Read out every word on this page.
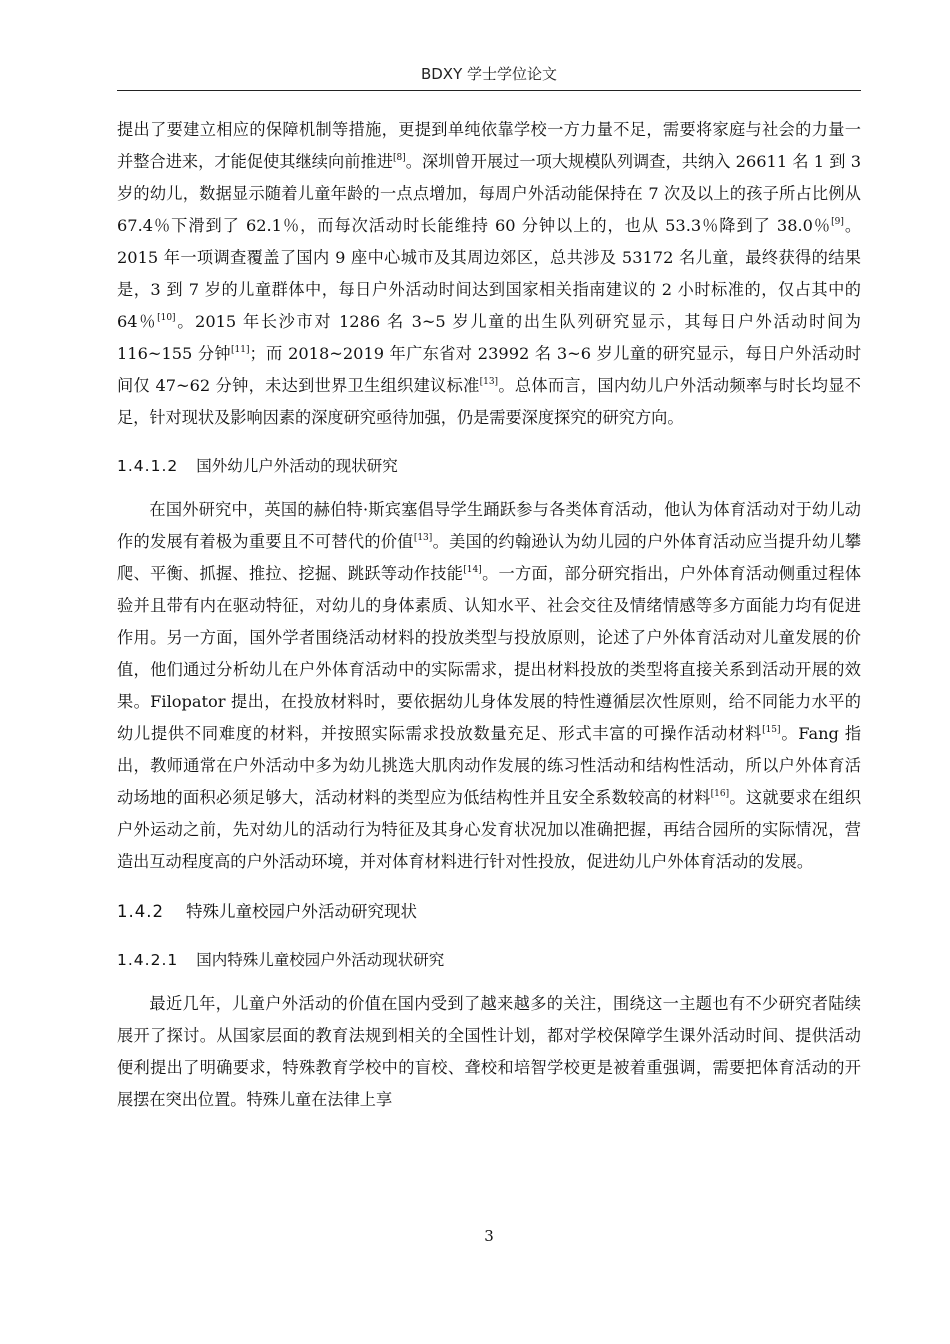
BDXY 学士学位论文

提出了要建立相应的保障机制等措施，更提到单纯依靠学校一方力量不足，需要将家庭与社会的力量一并整合进来，才能促使其继续向前推进[8]。深圳曾开展过一项大规模队列调查，共纳入 26611 名 1 到 3 岁的幼儿，数据显示随着儿童年龄的一点点增加，每周户外活动能保持在 7 次及以上的孩子所占比例从 67.4％下滑到了 62.1％，而每次活动时长能维持 60 分钟以上的，也从 53.3％降到了 38.0％[9]。2015 年一项调查覆盖了国内 9 座中心城市及其周边郊区，总共涉及 53172 名儿童，最终获得的结果是，3 到 7 岁的儿童群体中，每日户外活动时间达到国家相关指南建议的 2 小时标准的，仅占其中的 64％[10]。2015 年长沙市对 1286 名 3~5 岁儿童的出生队列研究显示，其每日户外活动时间为 116~155 分钟[11]；而 2018~2019 年广东省对 23992 名 3~6 岁儿童的研究显示，每日户外活动时间仅 47~62 分钟，未达到世界卫生组织建议标准[13]。总体而言，国内幼儿户外活动频率与时长均显不足，针对现状及影响因素的深度研究亟待加强，仍是需要深度探究的研究方向。

1.4.1.2 国外幼儿户外活动的现状研究

在国外研究中，英国的赫伯特·斯宾塞倡导学生踊跃参与各类体育活动，他认为体育活动对于幼儿动作的发展有着极为重要且不可替代的价值[13]。美国的约翰逊认为幼儿园的户外体育活动应当提升幼儿攀爬、平衡、抓握、推拉、挖掘、跳跃等动作技能[14]。一方面，部分研究指出，户外体育活动侧重过程体验并且带有内在驱动特征，对幼儿的身体素质、认知水平、社会交往及情绪情感等多方面能力均有促进作用。另一方面，国外学者围绕活动材料的投放类型与投放原则，论述了户外体育活动对儿童发展的价值，他们通过分析幼儿在户外体育活动中的实际需求，提出材料投放的类型将直接关系到活动开展的效果。Filopator 提出，在投放材料时，要依据幼儿身体发展的特性遵循层次性原则，给不同能力水平的幼儿提供不同难度的材料，并按照实际需求投放数量充足、形式丰富的可操作活动材料[15]。Fang 指出，教师通常在户外活动中多为幼儿挑选大肌肉动作发展的练习性活动和结构性活动，所以户外体育活动场地的面积必须足够大，活动材料的类型应为低结构性并且安全系数较高的材料[16]。这就要求在组织户外运动之前，先对幼儿的活动行为特征及其身心发育状况加以准确把握，再结合园所的实际情况，营造出互动程度高的户外活动环境，并对体育材料进行针对性投放，促进幼儿户外体育活动的发展。

1.4.2 特殊儿童校园户外活动研究现状
1.4.2.1 国内特殊儿童校园户外活动现状研究

最近几年，儿童户外活动的价值在国内受到了越来越多的关注，围绕这一主题也有不少研究者陆续展开了探讨。从国家层面的教育法规到相关的全国性计划，都对学校保障学生课外活动时间、提供活动便利提出了明确要求，特殊教育学校中的盲校、聋校和培智学校更是被着重强调，需要把体育活动的开展摆在突出位置。特殊儿童在法律上享

3
